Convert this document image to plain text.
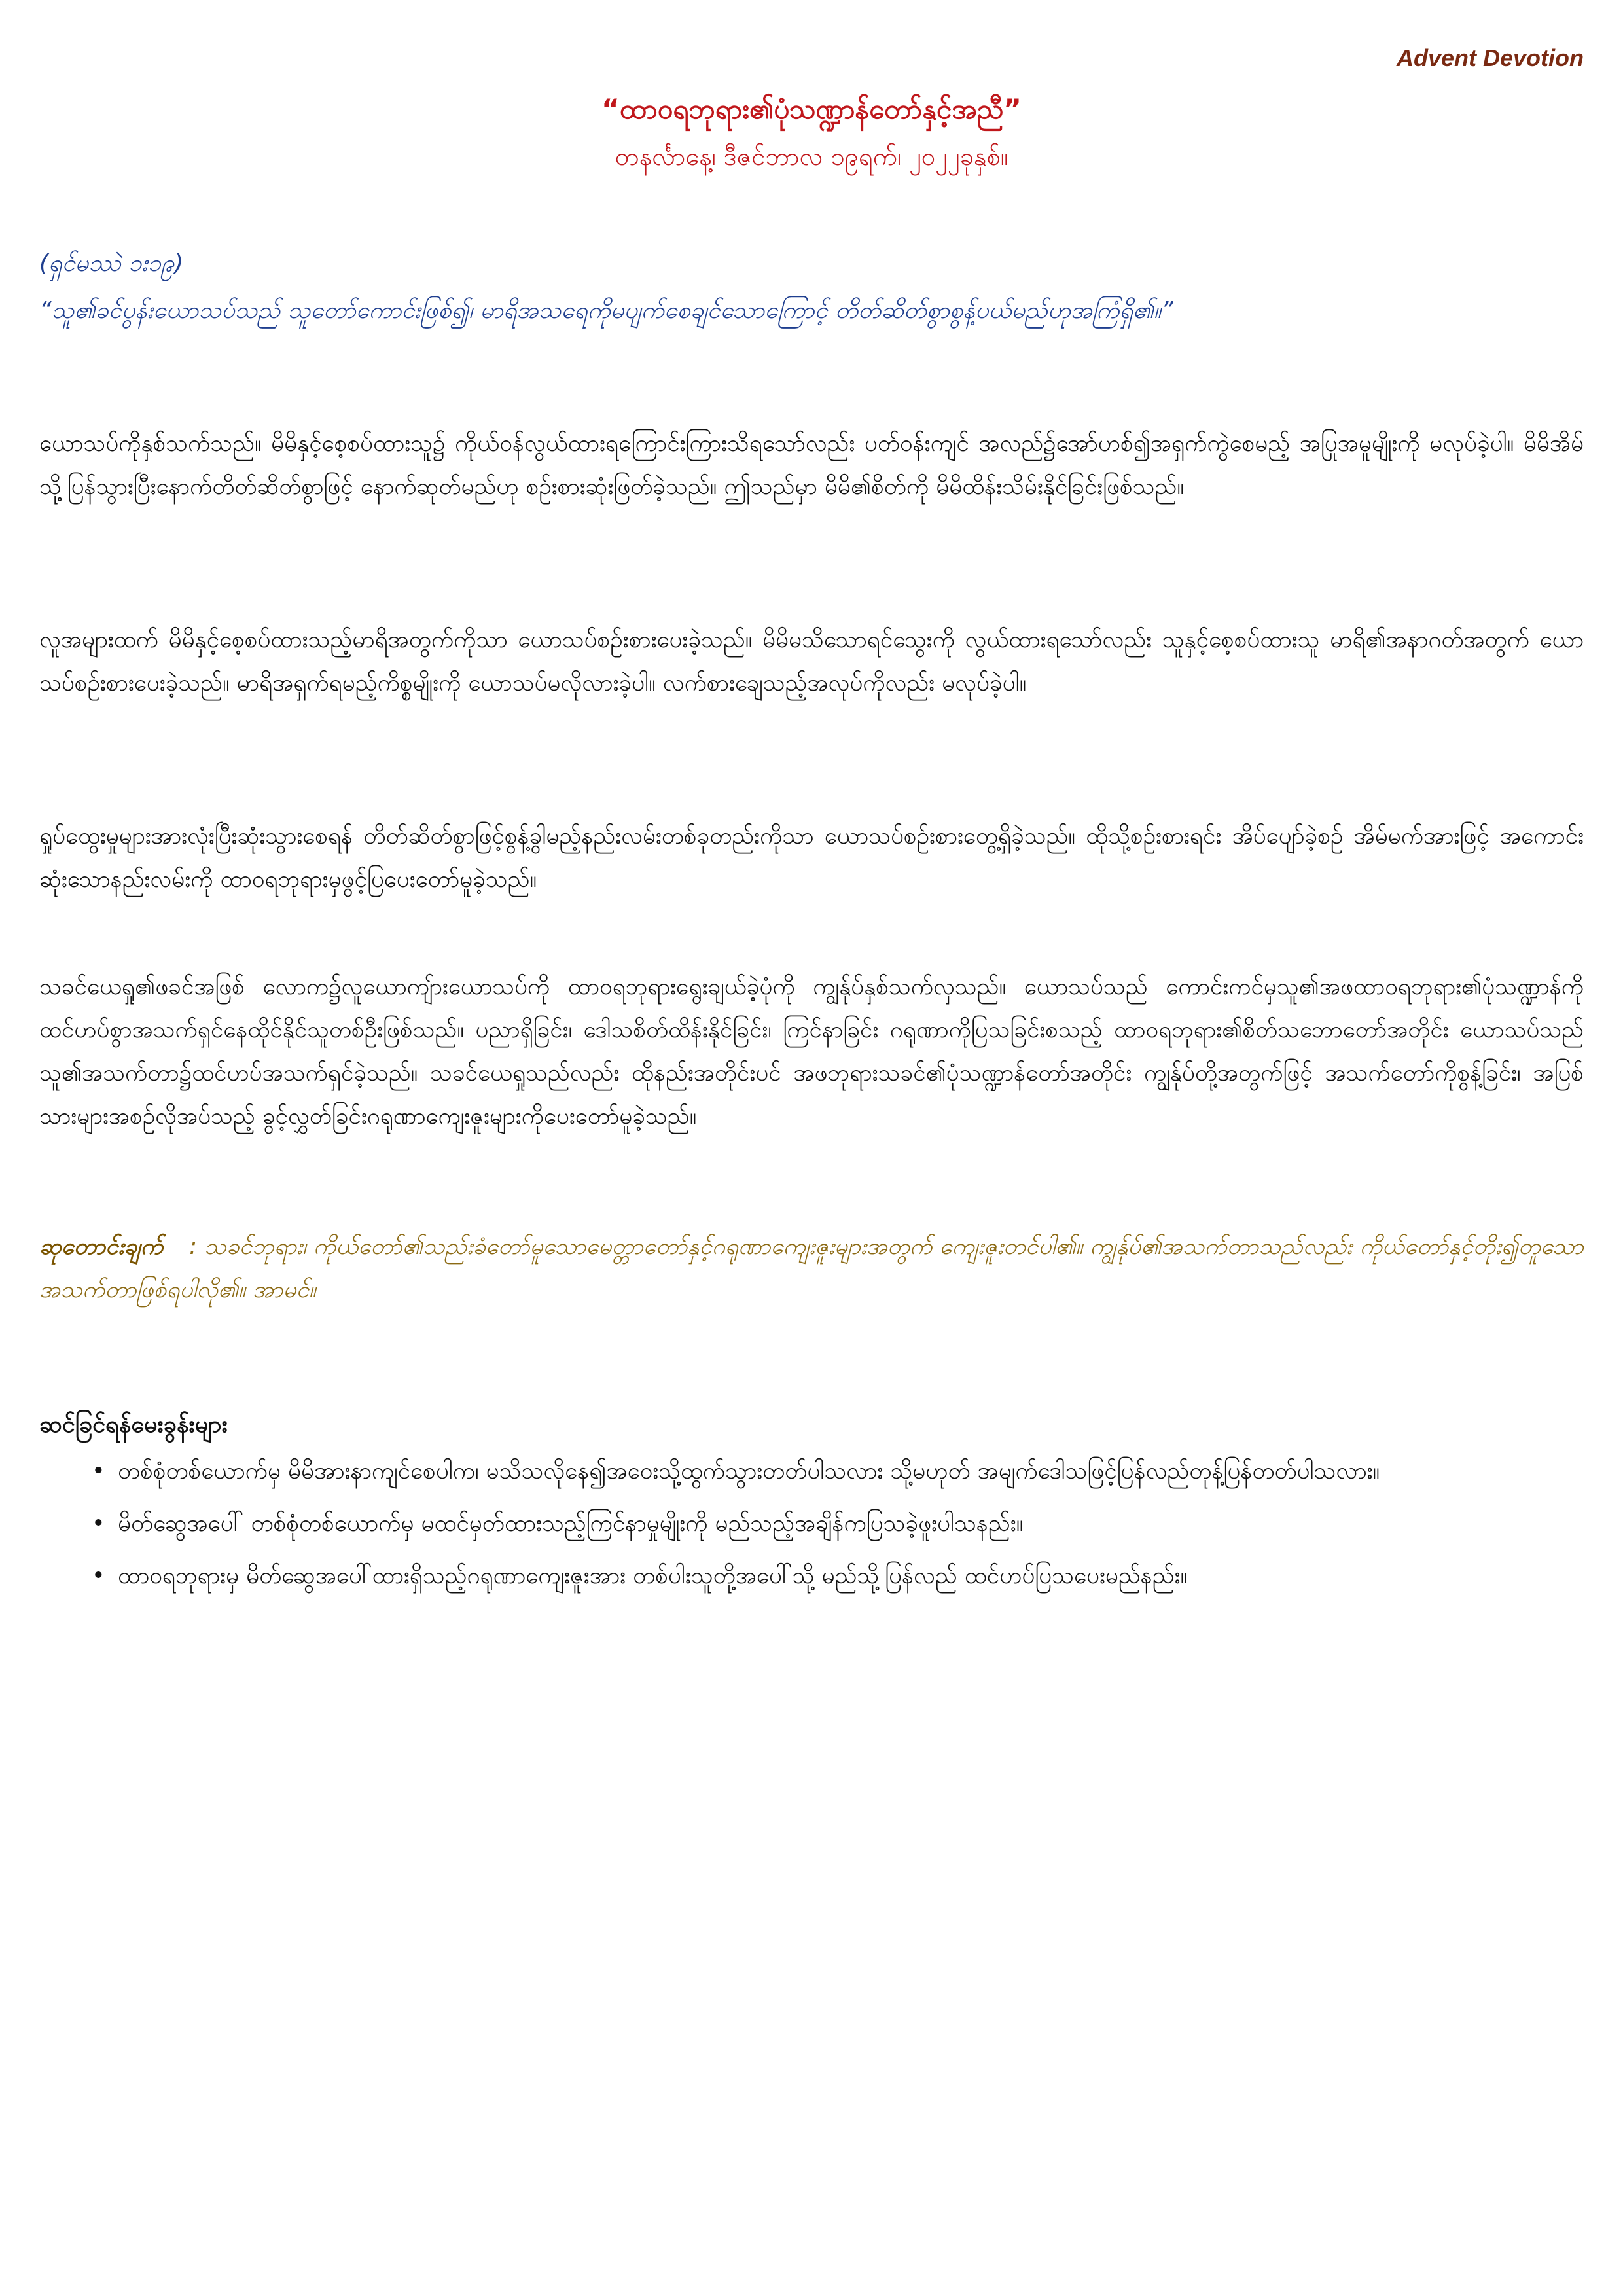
Advent Devotion
“ထာဝရဘုရား၏ပုံသဏ္ဍာန်တော်နှင့်အညီ”
တနင်္လာနေ့၊ ဒီဇင်ဘာလ ၁၉ရက်၊ ၂၀၂၂ခုနှစ်။
(ရှင်မဿဲ ၁း၁၉)
“သူ၏ခင်ပွန်းယောသပ်သည် သူတော်ကောင်းဖြစ်၍၊ မာရိအသရေကိုမပျက်စေချင်သောကြောင့် တိတ်ဆိတ်စွာစွန့်ပယ်မည်ဟုအကြံရှိ၏။”

ယောသပ်ကိုနှစ်သက်သည်။ မိမိနှင့်စေ့စပ်ထားသူ၌ ကိုယ်ဝန်လွယ်ထားရကြောင်းကြားသိရသော်လည်း ပတ်ဝန်းကျင် အလည်၌အော်ဟစ်၍အရှက်ကွဲစေမည့် အပြုအမူမျိုးကို မလုပ်ခဲ့ပါ။ မိမိအိမ်သို့ပြန်သွားပြီးနောက်တိတ်ဆိတ်စွာဖြင့် နောက်ဆုတ်မည်ဟု စဉ်းစားဆုံးဖြတ်ခဲ့သည်။ ဤသည်မှာ မိမိ၏စိတ်ကို မိမိထိန်းသိမ်းနိုင်ခြင်းဖြစ်သည်။

လူအများထက် မိမိနှင့်စေ့စပ်ထားသည့်မာရိအတွက်ကိုသာ ယောသပ်စဉ်းစားပေးခဲ့သည်။ မိမိမသိသောရင်သွေးကို လွယ်ထားရသော်လည်း သူနှင့်စေ့စပ်ထားသူ မာရိ၏အနာဂတ်အတွက် ယောသပ်စဉ်းစားပေးခဲ့သည်။ မာရိအရှက်ရမည့်ကိစ္စမျိုးကို ယောသပ်မလိုလားခဲ့ပါ။ လက်စားချေသည့်အလုပ်ကိုလည်း မလုပ်ခဲ့ပါ။

ရှုပ်ထွေးမှုများအားလုံးပြီးဆုံးသွားစေရန် တိတ်ဆိတ်စွာဖြင့်စွန့်ခွါမည့်နည်းလမ်းတစ်ခုတည်းကိုသာ ယောသပ်စဉ်းစားတွေ့ရှိခဲ့သည်။ ထိုသို့စဉ်းစားရင်း အိပ်ပျော်ခဲ့စဉ် အိမ်မက်အားဖြင့် အကောင်းဆုံးသောနည်းလမ်းကို ထာဝရဘုရားမှဖွင့်ပြပေးတော်မူခဲ့သည်။

သခင်ယေရှု၏ဖခင်အဖြစ် လောက၌လူယောကျ်ားယောသပ်ကို ထာဝရဘုရားရွေးချယ်ခဲ့ပုံကို ကျွန်ုပ်နှစ်သက်လှသည်။ ယောသပ်သည် ကောင်းကင်မှသူ၏အဖထာဝရဘုရား၏ပုံသဏ္ဍာန်ကို ထင်ဟပ်စွာအသက်ရှင်နေထိုင်နိုင်သူတစ်ဦးဖြစ်သည်။ ပညာရှိခြင်း၊ ဒေါသစိတ်ထိန်းနိုင်ခြင်း၊ ကြင်နာခြင်း ဂရုဏာကိုပြသခြင်းစသည့် ထာဝရဘုရား၏စိတ်သဘောတော်အတိုင်း ယောသပ်သည် သူ၏အသက်တာ၌ထင်ဟပ်အသက်ရှင်ခဲ့သည်။ သခင်ယေရှုသည်လည်း ထိုနည်းအတိုင်းပင် အဖဘုရားသခင်၏ပုံသဏ္ဍာန်တော်အတိုင်း ကျွန်ုပ်တို့အတွက်ဖြင့် အသက်တော်ကိုစွန့်ခြင်း၊ အပြစ်သားများအစဉ်လိုအပ်သည့် ခွင့်လွှတ်ခြင်းဂရုဏာကျေးဇူးများကိုပေးတော်မူခဲ့သည်။

ဆုတောင်းချက် : သခင်ဘုရား၊ ကိုယ်တော်၏သည်းခံတော်မူသောမေတ္တာတော်နှင့်ဂရုဏာကျေးဇူးများအတွက် ကျေးဇူးတင်ပါ၏။ ကျွန်ုပ်၏အသက်တာသည်လည်း ကိုယ်တော်နှင့်တိုး၍တူသောအသက်တာဖြစ်ရပါလို၏။ အာမင်။
ဆင်ခြင်ရန်မေးခွန်းများ
• တစ်စုံတစ်ယောက်မှ မိမိအားနာကျင်စေပါက၊ မသိသလိုနေ၍အဝေးသို့ထွက်သွားတတ်ပါသလား သို့မဟုတ် အမျက်ဒေါသဖြင့်ပြန်လည်တုန့်ပြန်တတ်ပါသလား။
• မိတ်ဆွေအပေါ် တစ်စုံတစ်ယောက်မှ မထင်မှတ်ထားသည့်ကြင်နာမှုမျိုးကို မည်သည့်အချိန်ကပြသခဲ့ဖူးပါသနည်း။
• ထာဝရဘုရားမှ မိတ်ဆွေအပေါ်ထားရှိသည့်ဂရုဏာကျေးဇူးအား တစ်ပါးသူတို့အပေါ်သို့ မည်သို့ပြန်လည် ထင်ဟပ်ပြသပေးမည်နည်း။
